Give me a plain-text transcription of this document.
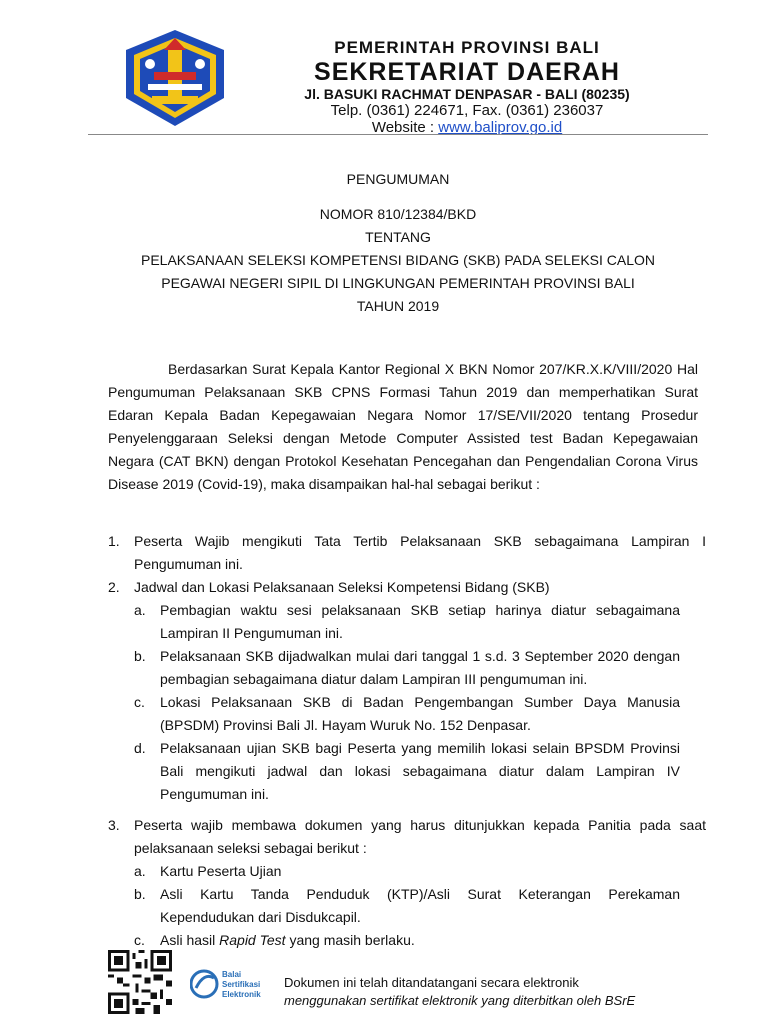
PEMERINTAH PROVINSI BALI
SEKRETARIAT DAERAH
Jl. BASUKI RACHMAT DENPASAR - BALI (80235)
Telp. (0361) 224671, Fax. (0361) 236037
Website : www.baliprov.go.id
PENGUMUMAN
NOMOR 810/12384/BKD
TENTANG
PELAKSANAAN SELEKSI KOMPETENSI BIDANG (SKB) PADA SELEKSI CALON
PEGAWAI NEGERI SIPIL DI LINGKUNGAN PEMERINTAH PROVINSI BALI
TAHUN 2019

Berdasarkan Surat Kepala Kantor Regional X BKN Nomor 207/KR.X.K/VIII/2020 Hal Pengumuman Pelaksanaan SKB CPNS Formasi Tahun 2019 dan memperhatikan Surat Edaran Kepala Badan Kepegawaian Negara Nomor 17/SE/VII/2020 tentang Prosedur Penyelenggaraan Seleksi dengan Metode Computer Assisted test Badan Kepegawaian Negara (CAT BKN) dengan Protokol Kesehatan Pencegahan dan Pengendalian Corona Virus Disease 2019 (Covid-19), maka disampaikan hal-hal sebagai berikut :

1. Peserta Wajib mengikuti Tata Tertib Pelaksanaan SKB sebagaimana Lampiran I Pengumuman ini.
2. Jadwal dan Lokasi Pelaksanaan Seleksi Kompetensi Bidang (SKB)
a. Pembagian waktu sesi pelaksanaan SKB setiap harinya diatur sebagaimana Lampiran II Pengumuman ini.
b. Pelaksanaan SKB dijadwalkan mulai dari tanggal 1 s.d. 3 September 2020 dengan pembagian sebagaimana diatur dalam Lampiran III pengumuman ini.
c. Lokasi Pelaksanaan SKB di Badan Pengembangan Sumber Daya Manusia (BPSDM) Provinsi Bali Jl. Hayam Wuruk No. 152 Denpasar.
d. Pelaksanaan ujian SKB bagi Peserta yang memilih lokasi selain BPSDM Provinsi Bali mengikuti jadwal dan lokasi sebagaimana diatur dalam Lampiran IV Pengumuman ini.
3. Peserta wajib membawa dokumen yang harus ditunjukkan kepada Panitia pada saat pelaksanaan seleksi sebagai berikut :
a. Kartu Peserta Ujian
b. Asli Kartu Tanda Penduduk (KTP)/Asli Surat Keterangan Perekaman Kependudukan dari Disdukcapil.
c. Asli hasil Rapid Test yang masih berlaku.
Balai
Sertifikasi
Elektronik
Dokumen ini telah ditandatangani secara elektronik
menggunakan sertifikat elektronik yang diterbitkan oleh BSrE
